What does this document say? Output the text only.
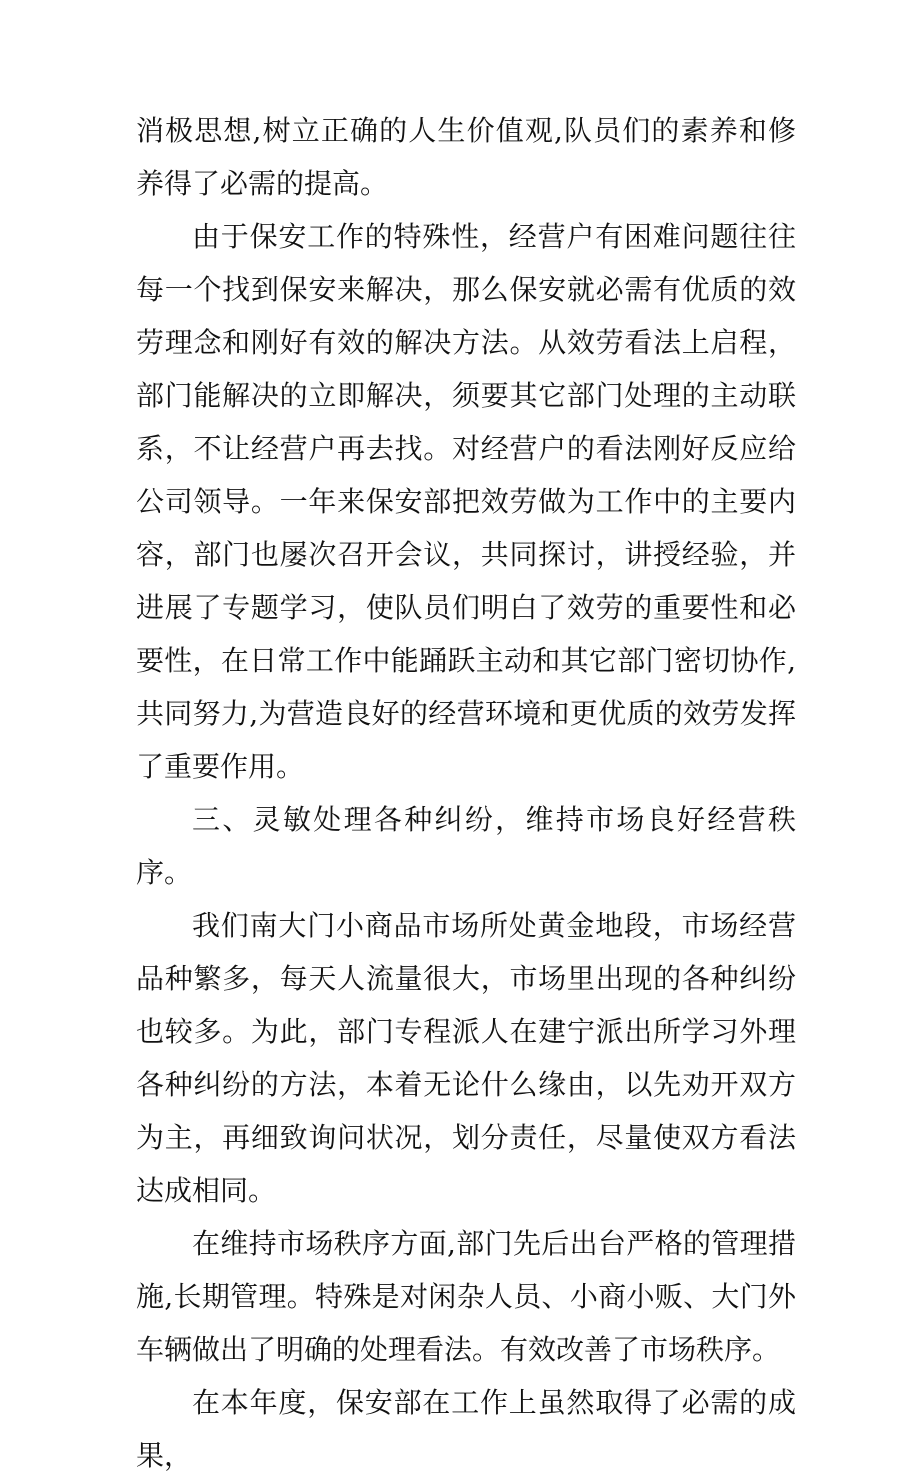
消极思想,树立正确的人生价值观,队员们的素养和修养得了必需的提高。

由于保安工作的特殊性，经营户有困难问题往往每一个找到保安来解决，那么保安就必需有优质的效劳理念和刚好有效的解决方法。从效劳看法上启程，部门能解决的立即解决，须要其它部门处理的主动联系，不让经营户再去找。对经营户的看法刚好反应给公司领导。一年来保安部把效劳做为工作中的主要内容，部门也屡次召开会议，共同探讨，讲授经验，并进展了专题学习，使队员们明白了效劳的重要性和必要性，在日常工作中能踊跃主动和其它部门密切协作,共同努力,为营造良好的经营环境和更优质的效劳发挥了重要作用。

三、灵敏处理各种纠纷，维持市场良好经营秩序。

我们南大门小商品市场所处黄金地段，市场经营品种繁多，每天人流量很大，市场里出现的各种纠纷也较多。为此，部门专程派人在建宁派出所学习外理各种纠纷的方法，本着无论什么缘由，以先劝开双方为主，再细致询问状况，划分责任，尽量使双方看法达成相同。

在维持市场秩序方面,部门先后出台严格的管理措施,长期管理。特殊是对闲杂人员、小商小贩、大门外车辆做出了明确的处理看法。有效改善了市场秩序。

在本年度，保安部在工作上虽然取得了必需的成果，
